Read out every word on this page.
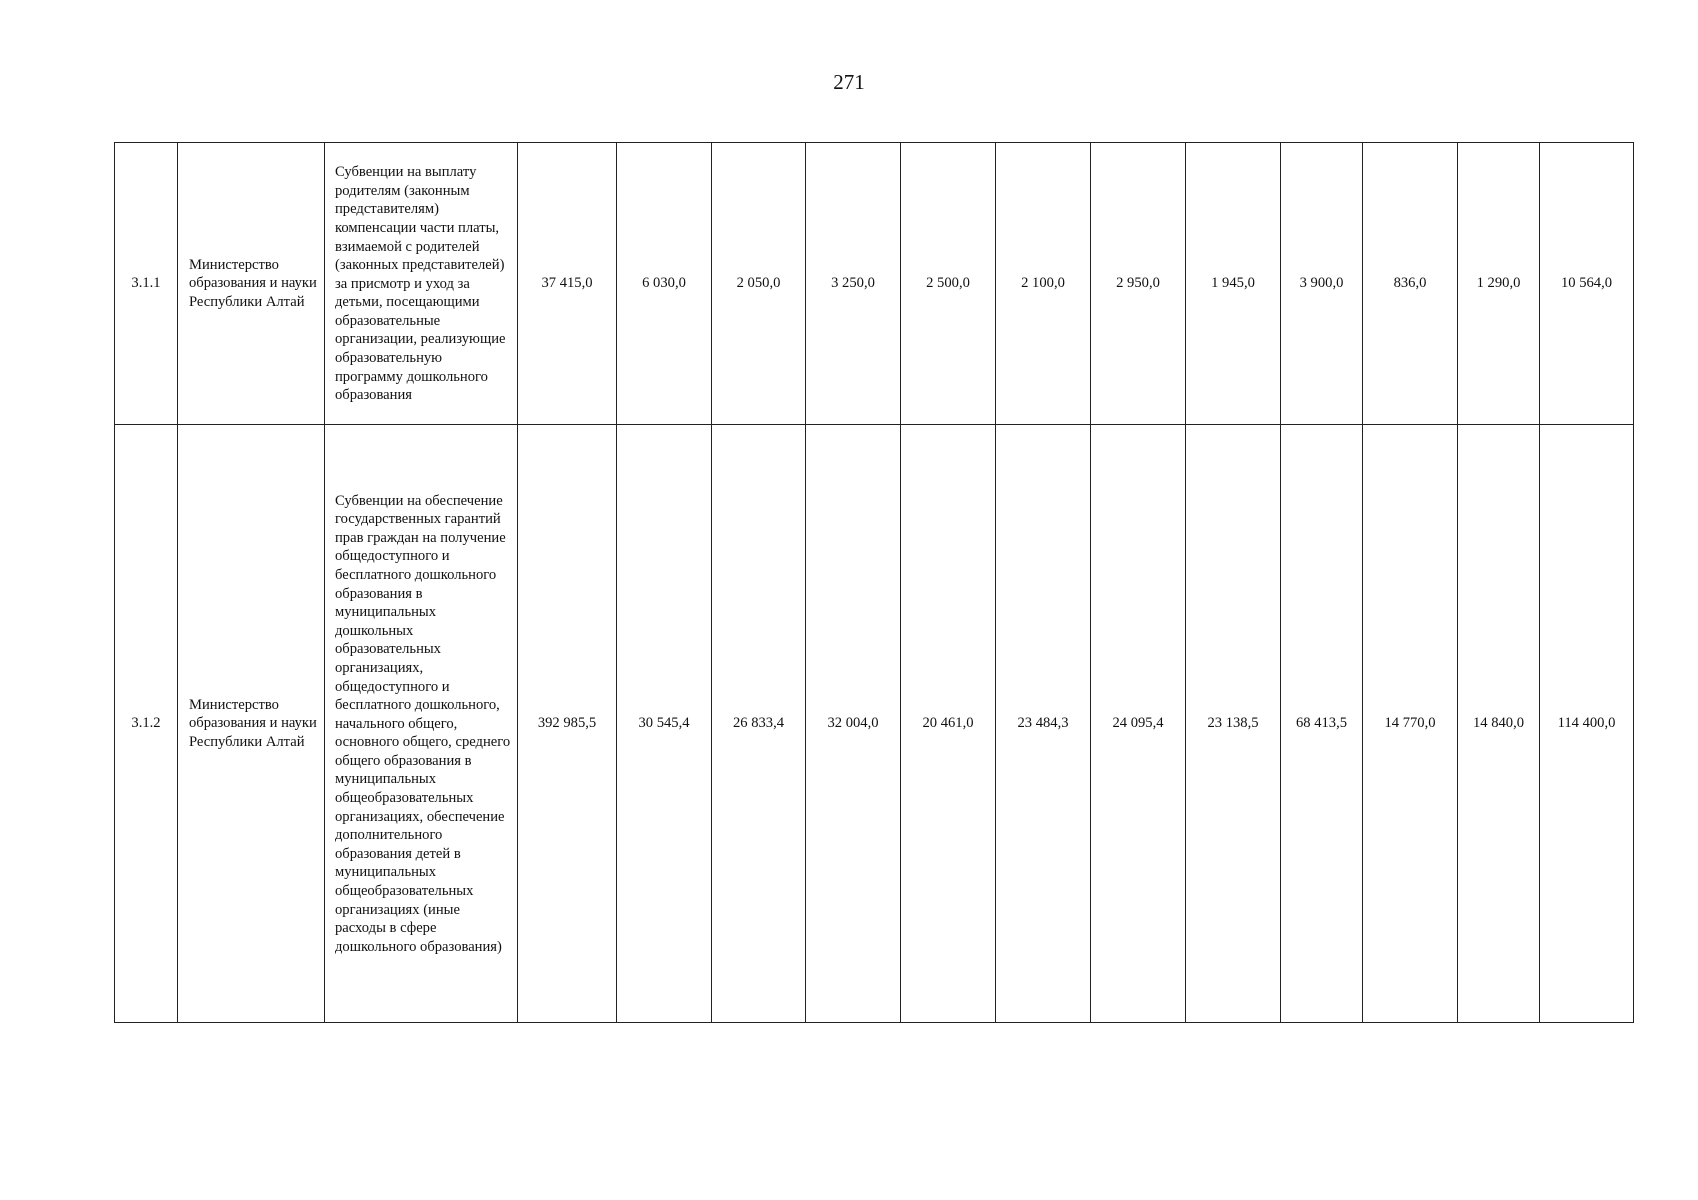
271
3.1.1	Министерство образования и науки Республики Алтай	Субвенции на выплату родителям (законным представителям) компенсации части платы, взимаемой с родителей (законных представителей) за присмотр и уход за детьми, посещающими образовательные организации, реализующие образовательную программу дошкольного образования	37 415,0	6 030,0	2 050,0	3 250,0	2 500,0	2 100,0	2 950,0	1 945,0	3 900,0	836,0	1 290,0	10 564,0
3.1.2	Министерство образования и науки Республики Алтай	Субвенции на обеспечение государственных гарантий прав граждан на получение общедоступного и бесплатного дошкольного образования в муниципальных дошкольных образовательных организациях, общедоступного и бесплатного дошкольного, начального общего, основного общего, среднего общего образования в муниципальных общеобразовательных организациях, обеспечение дополнительного образования детей в муниципальных общеобразовательных организациях (иные расходы в сфере дошкольного образования)	392 985,5	30 545,4	26 833,4	32 004,0	20 461,0	23 484,3	24 095,4	23 138,5	68 413,5	14 770,0	14 840,0	114 400,0
